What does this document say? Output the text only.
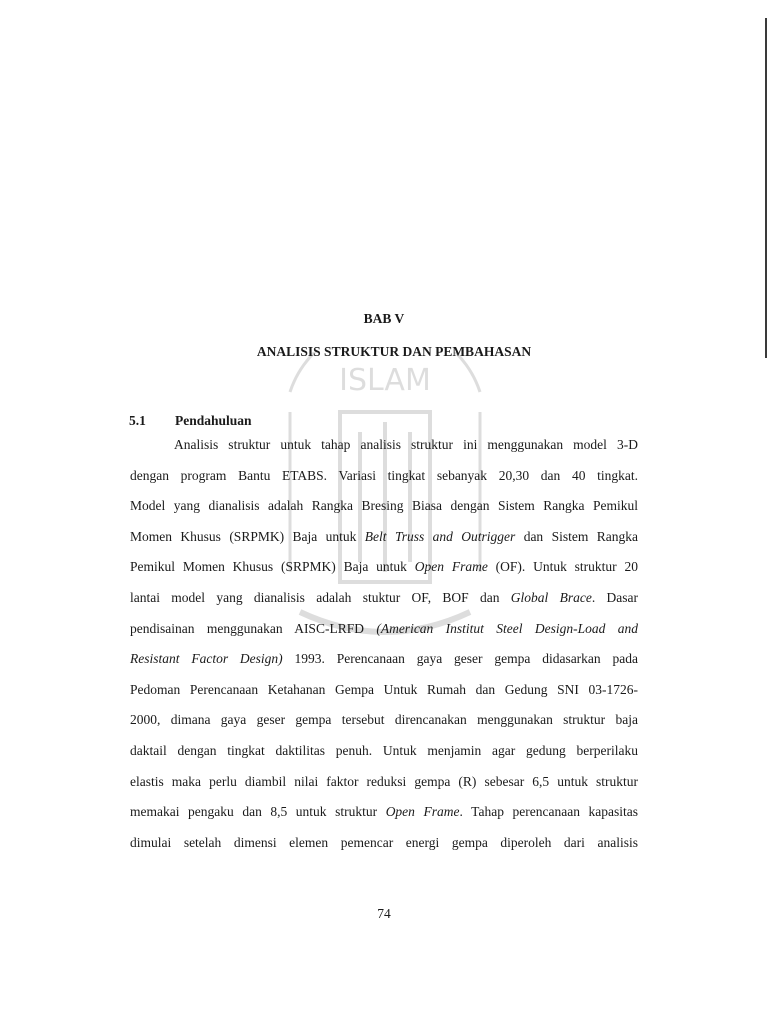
ISLAM
BAB V
ANALISIS STRUKTUR DAN PEMBAHASAN
5.1 Pendahuluan
Analisis struktur untuk tahap analisis struktur ini menggunakan model 3-D
dengan program Bantu ETABS. Variasi tingkat sebanyak 20,30 dan 40 tingkat.
Model yang dianalisis adalah Rangka Bresing Biasa dengan Sistem Rangka Pemikul
Momen Khusus (SRPMK) Baja untuk Belt Truss and Outrigger dan Sistem Rangka
Pemikul Momen Khusus (SRPMK) Baja untuk Open Frame (OF). Untuk struktur 20
lantai model yang dianalisis adalah stuktur OF, BOF dan Global Brace. Dasar
pendisainan menggunakan AISC-LRFD (American Institut Steel Design-Load and
Resistant Factor Design) 1993. Perencanaan gaya geser gempa didasarkan pada
Pedoman Perencanaan Ketahanan Gempa Untuk Rumah dan Gedung SNI 03-1726-
2000, dimana gaya geser gempa tersebut direncanakan menggunakan struktur baja
daktail dengan tingkat daktilitas penuh. Untuk menjamin agar gedung berperilaku
elastis maka perlu diambil nilai faktor reduksi gempa (R) sebesar 6,5 untuk struktur
memakai pengaku dan 8,5 untuk struktur Open Frame. Tahap perencanaan kapasitas
dimulai setelah dimensi elemen pemencar energi gempa diperoleh dari analisis
74
